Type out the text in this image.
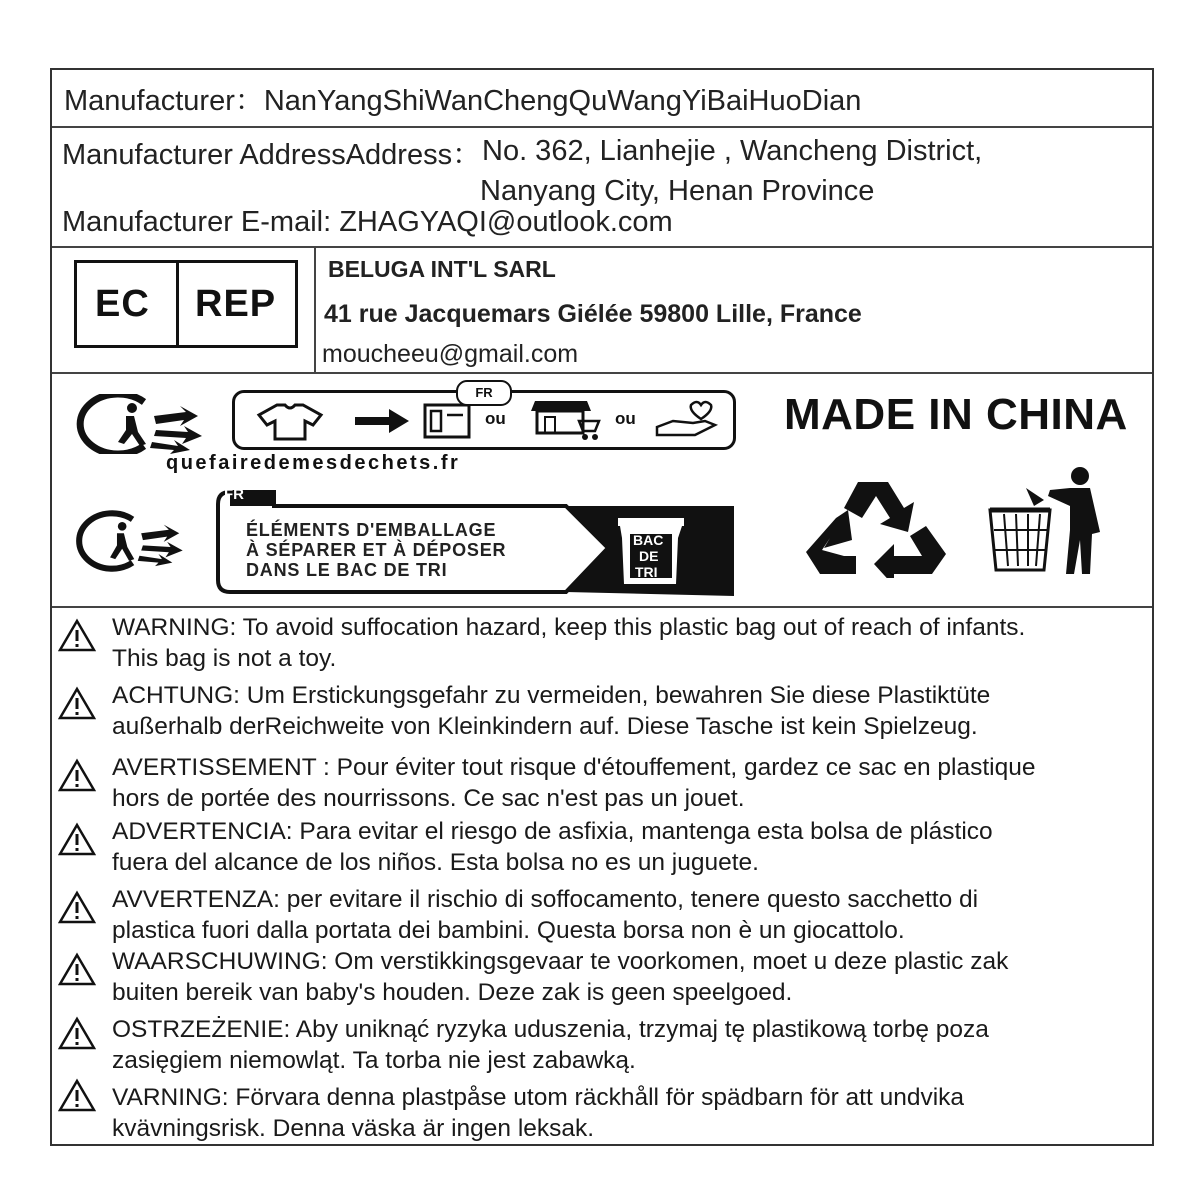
Manufacturer：NanYangShiWanChengQuWangYiBaiHuoDian
Manufacturer AddressAddress： No. 362, Lianhejie , Wancheng District,
Nanyang City, Henan Province
Manufacturer E-mail: ZHAGYAQI@outlook.com
EC REP
BELUGA INT'L SARL
41 rue Jacquemars Giélée 59800 Lille, France
moucheeu@gmail.com
ou	ou
FR
quefairedemesdechets.fr
MADE IN CHINA
FR
ÉLÉMENTS D'EMBALLAGE
À SÉPARER ET À DÉPOSER
DANS LE BAC DE TRI
BAC
DE
TRI
WARNING: To avoid suffocation hazard, keep this plastic bag out of reach of infants.
This bag is not a toy.
ACHTUNG: Um Erstickungsgefahr zu vermeiden, bewahren Sie diese Plastiktüte
außerhalb derReichweite von Kleinkindern auf. Diese Tasche ist kein Spielzeug.
AVERTISSEMENT : Pour éviter tout risque d'étouffement, gardez ce sac en plastique
hors de portée des nourrissons. Ce sac n'est pas un jouet.
ADVERTENCIA: Para evitar el riesgo de asfixia, mantenga esta bolsa de plástico
fuera del alcance de los niños. Esta bolsa no es un juguete.
AVVERTENZA: per evitare il rischio di soffocamento, tenere questo sacchetto di
plastica fuori dalla portata dei bambini. Questa borsa non è un giocattolo.
WAARSCHUWING: Om verstikkingsgevaar te voorkomen, moet u deze plastic zak
buiten bereik van baby's houden. Deze zak is geen speelgoed.
OSTRZEŻENIE: Aby uniknąć ryzyka uduszenia, trzymaj tę plastikową torbę poza
zasięgiem niemowląt. Ta torba nie jest zabawką.
VARNING: Förvara denna plastpåse utom räckhåll för spädbarn för att undvika
kvävningsrisk. Denna väska är ingen leksak.
